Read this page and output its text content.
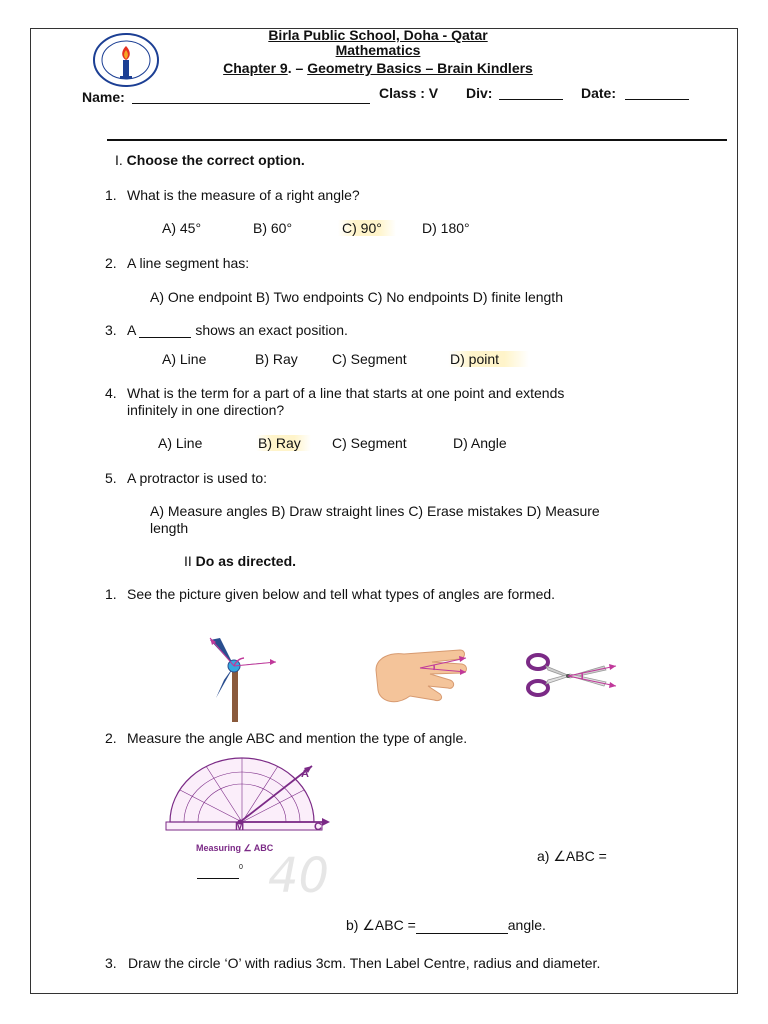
Birla Public School, Doha - Qatar
Mathematics
Chapter 9. – Geometry Basics – Brain Kindlers
Name:	Class : V Div:	Date:
I. Choose the correct option.
1. What is the measure of a right angle?
A) 45°	B) 60°	C) 90°	D) 180°
2. A line segment has:
A) One endpoint B) Two endpoints C) No endpoints D) finite length
3. A	shows an exact position.
A) Line	B) Ray C) Segment	D) point
4. What is the term for a part of a line that starts at one point and extends
infinitely in one direction?
A) Line	B) Ray	C) Segment	D) Angle
5. A protractor is used to:
A) Measure angles B) Draw straight lines C) Erase mistakes D) Measure
length
II Do as directed.
1. See the picture given below and tell what types of angles are formed.
2. Measure the angle ABC and mention the type of angle.
A
M	C
Measuring ∠ ABC
0 40	a) ∠ABC =
b) ∠ABC =	angle.
3. Draw the circle ‘O’ with radius 3cm. Then Label Centre, radius and diameter.
